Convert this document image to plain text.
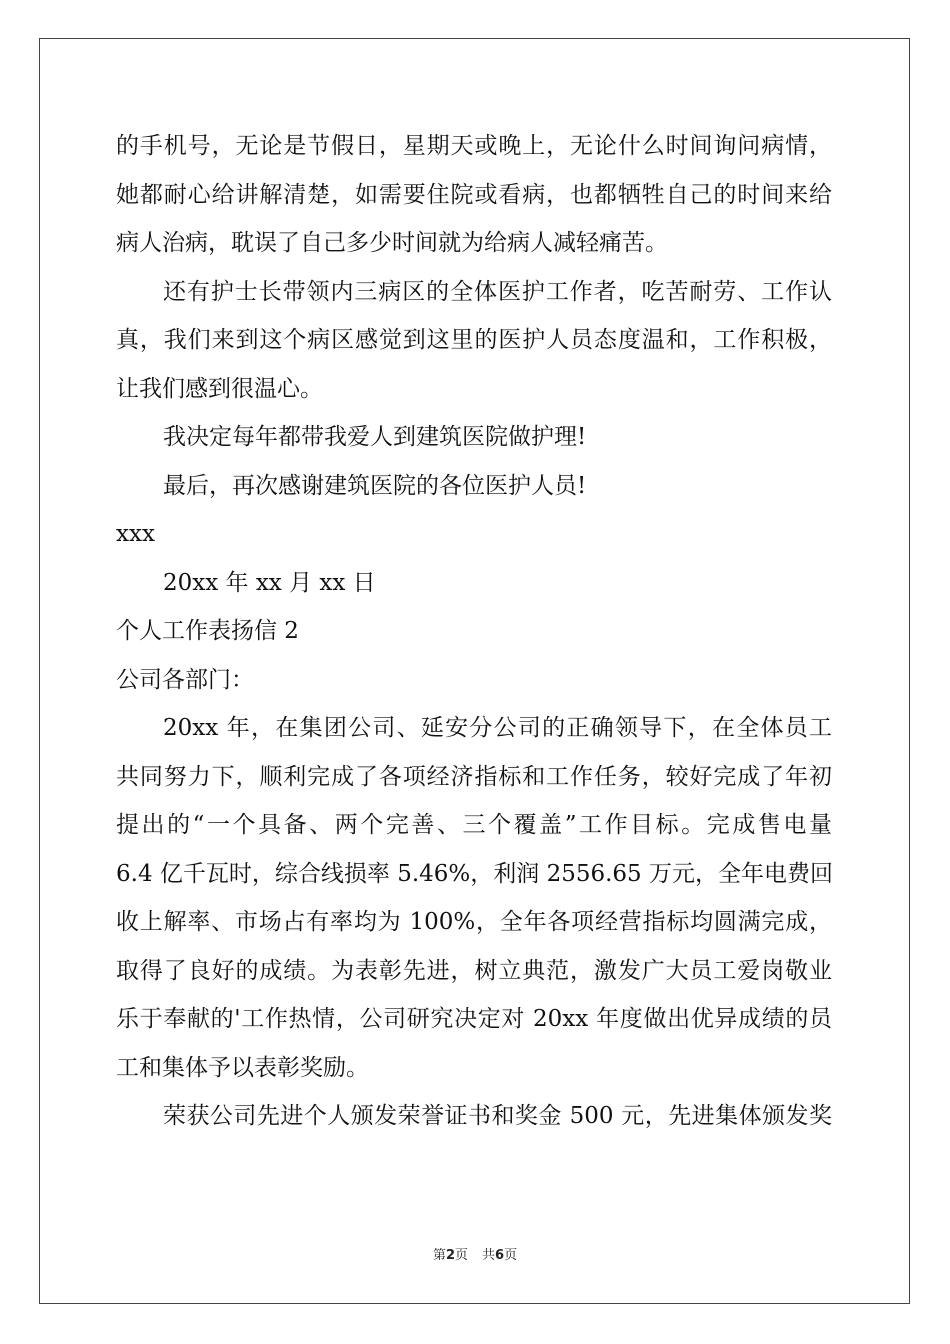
的手机号，无论是节假日，星期天或晚上，无论什么时间询问病情，
她都耐心给讲解清楚，如需要住院或看病，也都牺牲自己的时间来给
病人治病，耽误了自己多少时间就为给病人减轻痛苦。
还有护士长带领内三病区的全体医护工作者，吃苦耐劳、工作认
真，我们来到这个病区感觉到这里的医护人员态度温和，工作积极，
让我们感到很温心。
我决定每年都带我爱人到建筑医院做护理!
最后，再次感谢建筑医院的各位医护人员!
xxx
20xx 年 xx 月 xx 日
个人工作表扬信 2
公司各部门：
20xx 年，在集团公司、延安分公司的正确领导下，在全体员工
共同努力下，顺利完成了各项经济指标和工作任务，较好完成了年初
提出的“一个具备、两个完善、三个覆盖”工作目标。完成售电量
6.4 亿千瓦时，综合线损率 5.46%，利润 2556.65 万元，全年电费回
收上解率、市场占有率均为 100%，全年各项经营指标均圆满完成，
取得了良好的成绩。为表彰先进，树立典范，激发广大员工爱岗敬业
乐于奉献的'工作热情，公司研究决定对 20xx 年度做出优异成绩的员
工和集体予以表彰奖励。
荣获公司先进个人颁发荣誉证书和奖金 500 元，先进集体颁发奖
第2页 共6页
